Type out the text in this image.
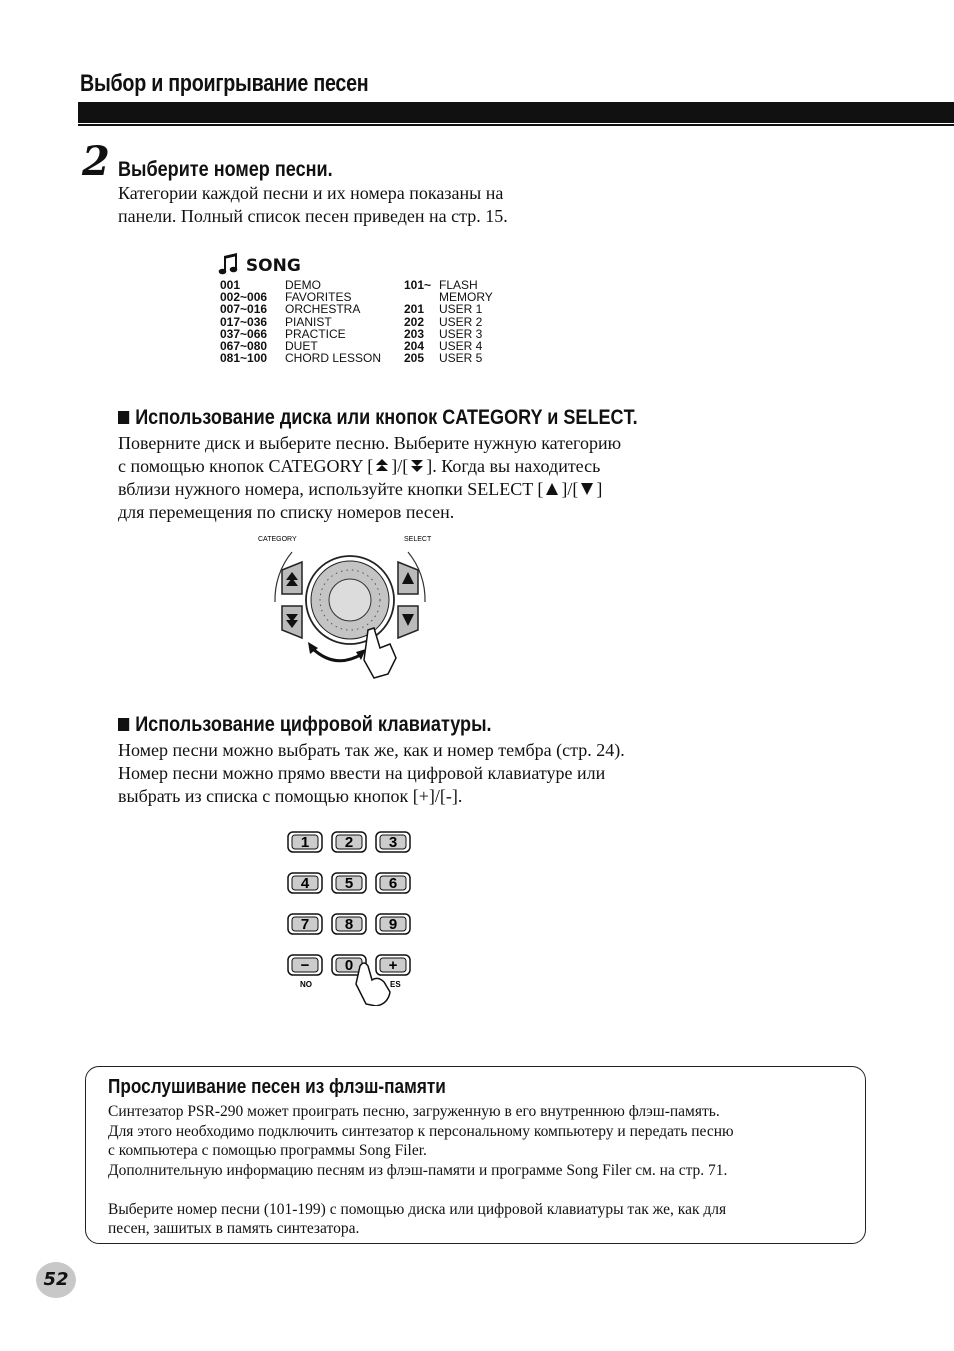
Выбор и проигрывание песен
2 Выберите номер песни.
Категории каждой песни и их номера показаны на
панели. Полный список песен приведен на стр. 15.
SONG
001	DEMO	101~ FLASH
002~006 FAVORITES	MEMORY
007~016 ORCHESTRA	201 USER 1
017~036 PIANIST	202 USER 2
037~066 PRACTICE	203 USER 3
067~080 DUET	204 USER 4
081~100 CHORD LESSON 205 USER 5
Использование диска или кнопок CATEGORY и SELECT.
Поверните диск и выберите песню. Выберите нужную категорию
с помощью кнопок CATEGORY [ ]/[ ]. Когда вы находитесь
вблизи нужного номера, используйте кнопки SELECT [ ]/[ ]
для перемещения по списку номеров песен.
CATEGORY	SELECT
Использование цифровой клавиатуры.
Номер песни можно выбрать так же, как и номер тембра (стр. 24).
Номер песни можно прямо ввести на цифровой клавиатуре или
выбрать из списка с помощью кнопок [+]/[-].
1 2 3
4 5 6
7 8 9
− 0 +
NO	ES
Прослушивание песен из флэш-памяти
Синтезатор PSR-290 может проиграть песню, загруженную в его внутреннюю флэш-память.
Для этого необходимо подключить синтезатор к персональному компьютеру и передать песню
с компьютера с помощью программы Song Filer.
Дополнительную информацию песням из флэш-памяти и программе Song Filer см. на стр. 71.
Выберите номер песни (101-199) с помощью диска или цифровой клавиатуры так же, как для
песен, зашитых в память синтезатора.
52
